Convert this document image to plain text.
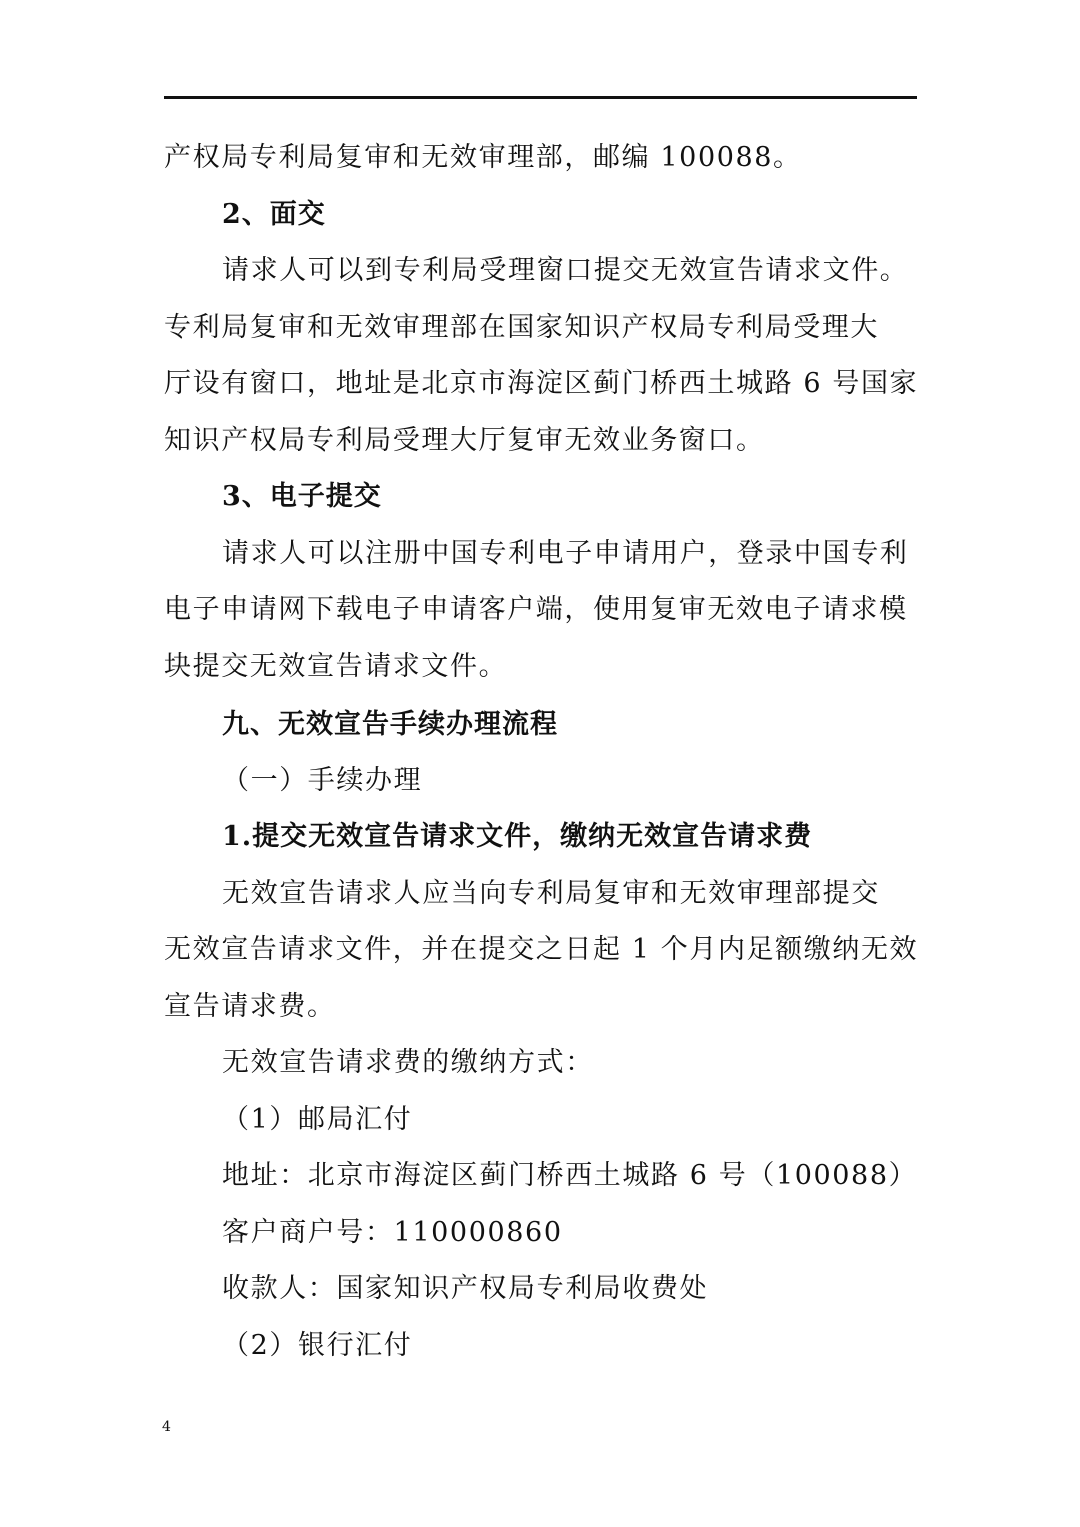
产权局专利局复审和无效审理部，邮编 100088。
2、面交
请求人可以到专利局受理窗口提交无效宣告请求文件。
专利局复审和无效审理部在国家知识产权局专利局受理大
厅设有窗口，地址是北京市海淀区蓟门桥西土城路 6 号国家
知识产权局专利局受理大厅复审无效业务窗口。
3、电子提交
请求人可以注册中国专利电子申请用户，登录中国专利
电子申请网下载电子申请客户端，使用复审无效电子请求模
块提交无效宣告请求文件。
九、无效宣告手续办理流程
（一）手续办理
1.提交无效宣告请求文件，缴纳无效宣告请求费
无效宣告请求人应当向专利局复审和无效审理部提交
无效宣告请求文件，并在提交之日起 1 个月内足额缴纳无效
宣告请求费。
无效宣告请求费的缴纳方式：
（1）邮局汇付
地址：北京市海淀区蓟门桥西土城路 6 号（100088）
客户商户号：110000860
收款人：国家知识产权局专利局收费处
（2）银行汇付
4
